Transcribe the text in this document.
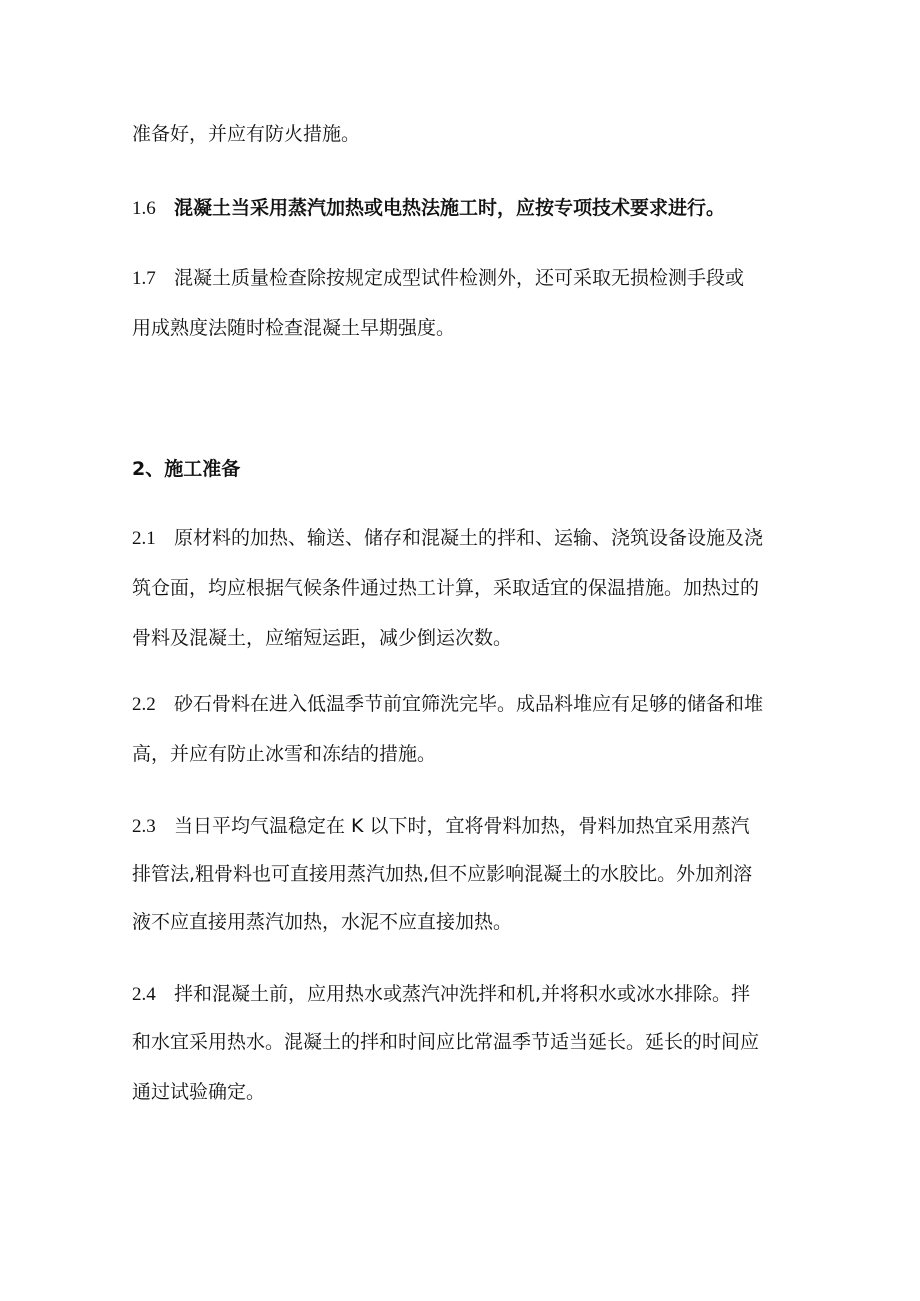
准备好，并应有防火措施。
1.6 混凝土当采用蒸汽加热或电热法施工时，应按专项技术要求进行。
1.7 混凝土质量检查除按规定成型试件检测外，还可采取无损检测手段或
用成熟度法随时检查混凝土早期强度。
2、施工准备
2.1 原材料的加热、输送、储存和混凝土的拌和、运输、浇筑设备设施及浇
筑仓面，均应根据气候条件通过热工计算，采取适宜的保温措施。加热过的
骨料及混凝土，应缩短运距，减少倒运次数。
2.2 砂石骨料在进入低温季节前宜筛洗完毕。成品料堆应有足够的储备和堆
高，并应有防止冰雪和冻结的措施。
2.3 当日平均气温稳定在 K 以下时，宜将骨料加热，骨料加热宜采用蒸汽
排管法,粗骨料也可直接用蒸汽加热,但不应影响混凝土的水胶比。外加剂溶
液不应直接用蒸汽加热，水泥不应直接加热。
2.4 拌和混凝土前，应用热水或蒸汽冲洗拌和机,并将积水或冰水排除。拌
和水宜采用热水。混凝土的拌和时间应比常温季节适当延长。延长的时间应
通过试验确定。
